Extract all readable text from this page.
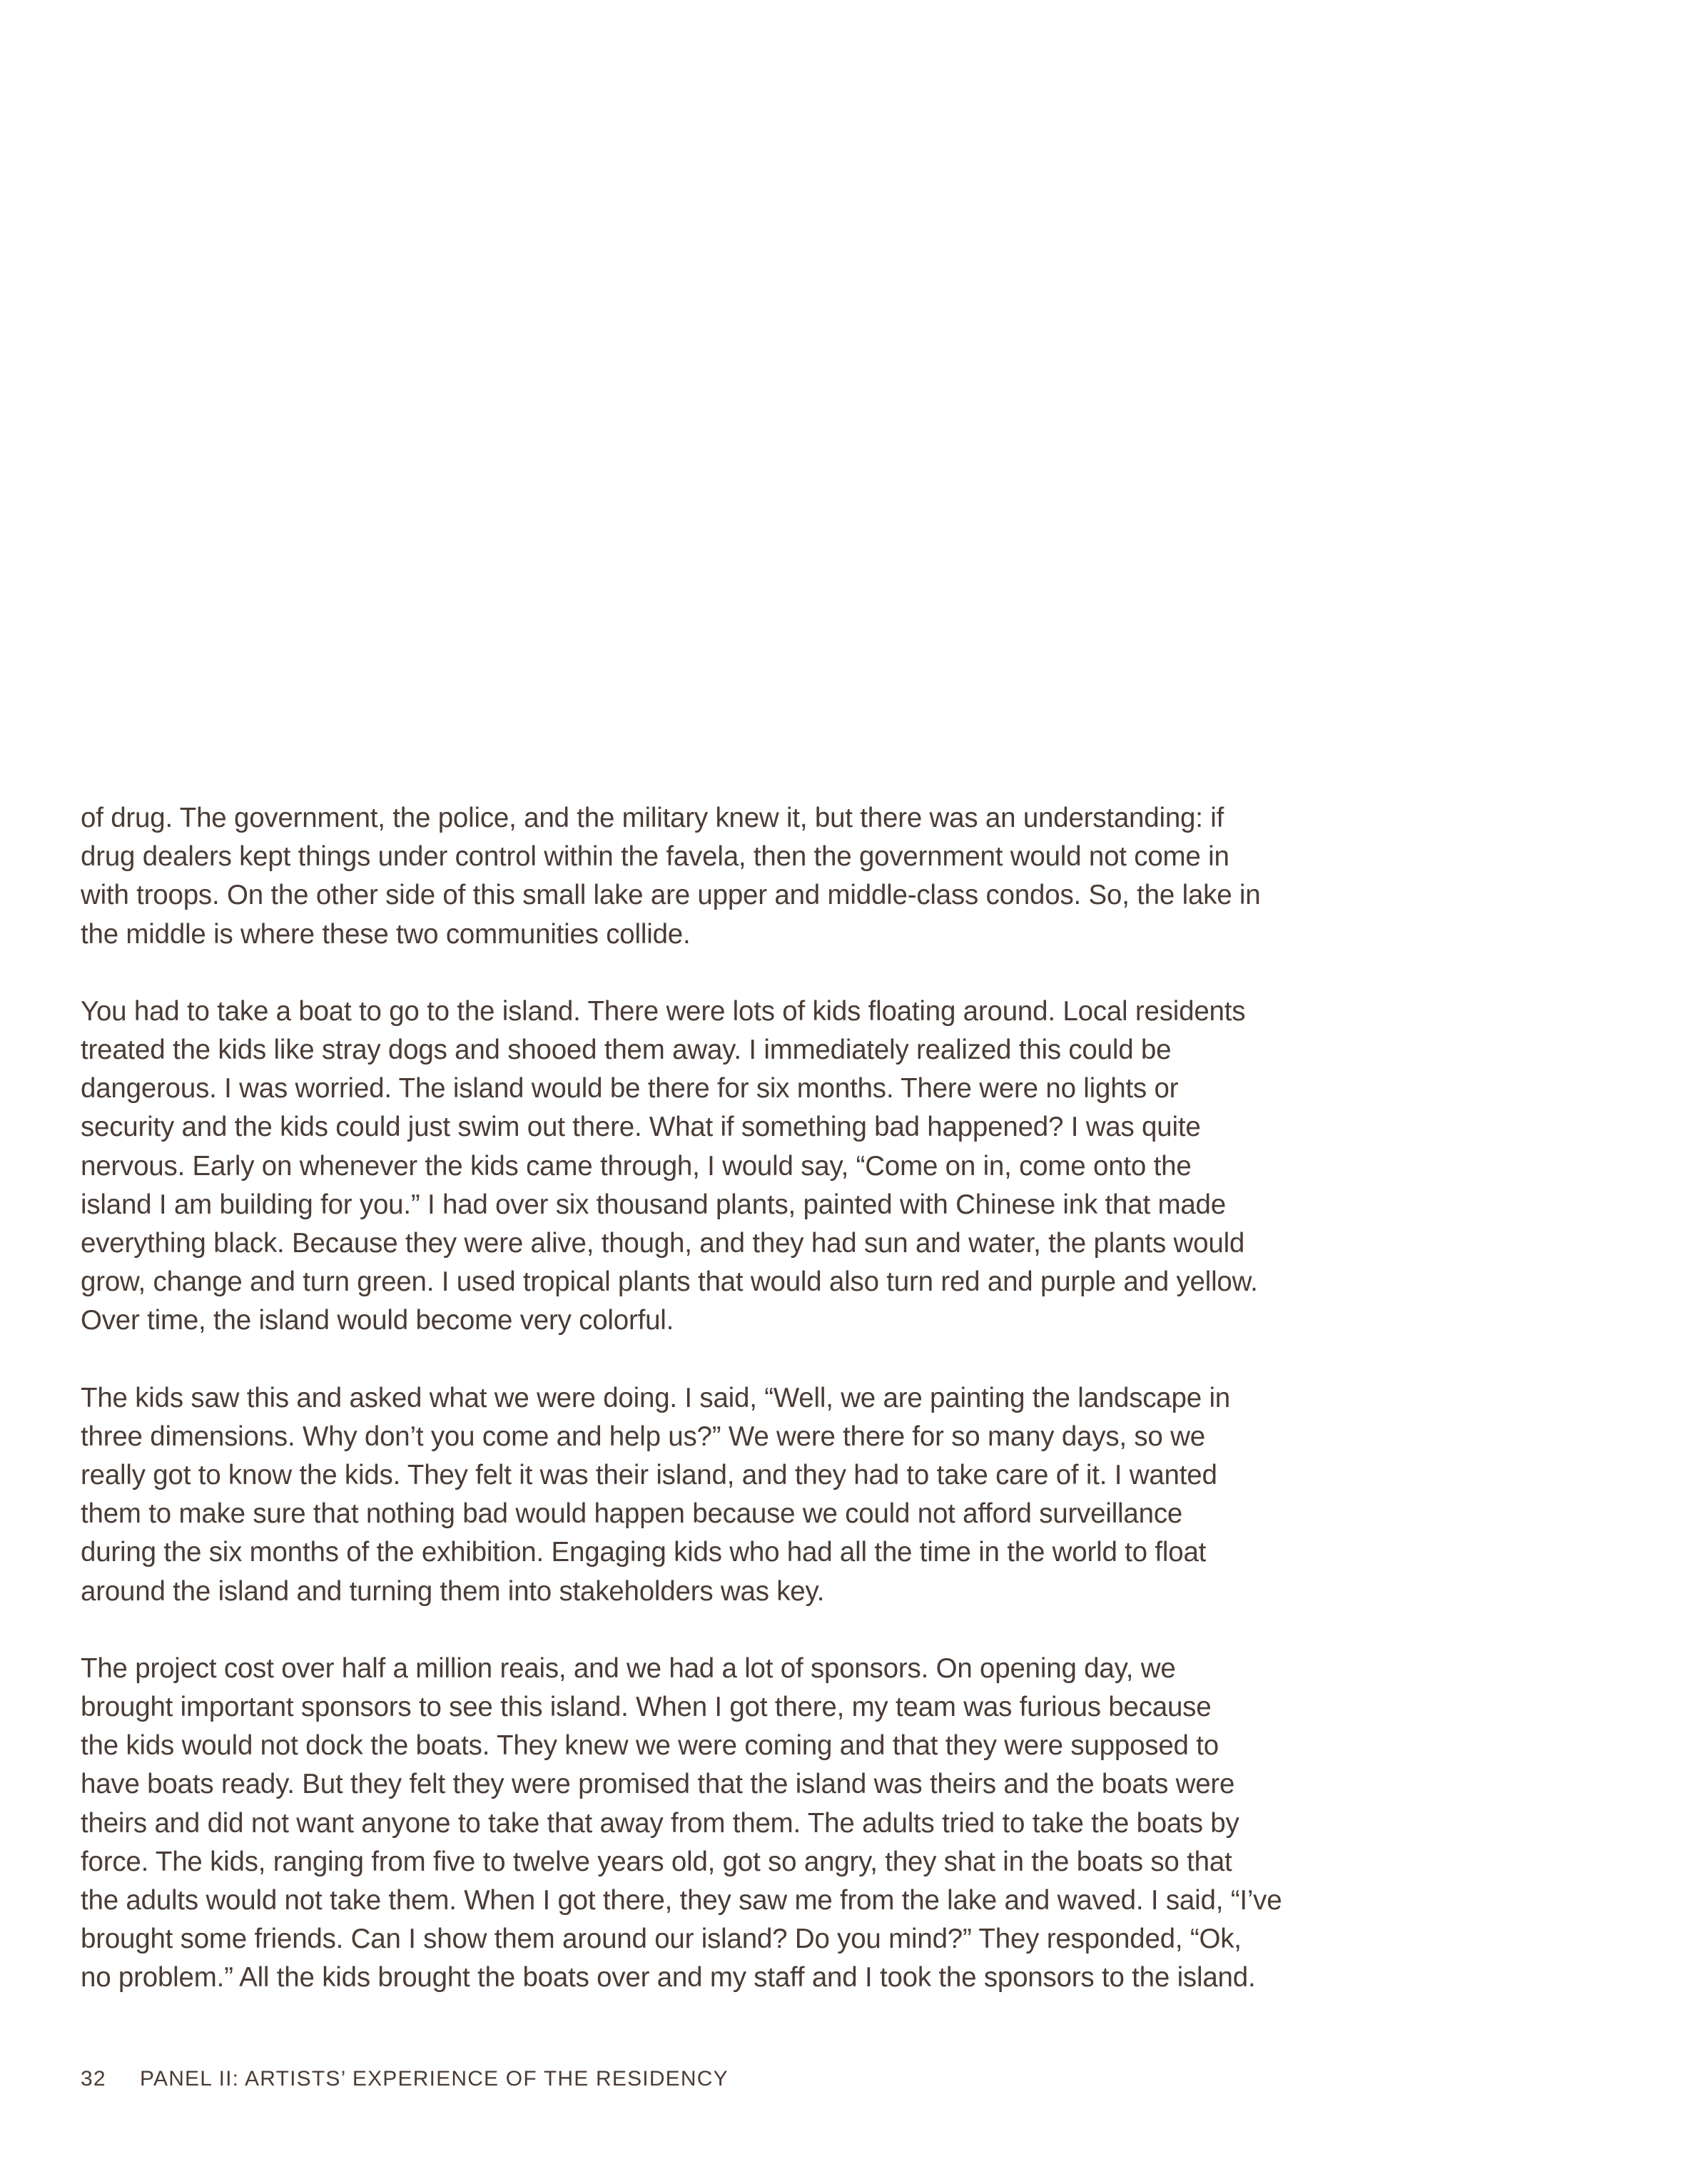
of drug. The government, the police, and the military knew it, but there was an understanding: if
drug dealers kept things under control within the favela, then the government would not come in
with troops. On the other side of this small lake are upper and middle-class condos. So, the lake in
the middle is where these two communities collide.

You had to take a boat to go to the island. There were lots of kids floating around. Local residents
treated the kids like stray dogs and shooed them away. I immediately realized this could be
dangerous. I was worried. The island would be there for six months. There were no lights or
security and the kids could just swim out there. What if something bad happened? I was quite
nervous. Early on whenever the kids came through, I would say, “Come on in, come onto the
island I am building for you.” I had over six thousand plants, painted with Chinese ink that made
everything black. Because they were alive, though, and they had sun and water, the plants would
grow, change and turn green. I used tropical plants that would also turn red and purple and yellow.
Over time, the island would become very colorful.

The kids saw this and asked what we were doing. I said, “Well, we are painting the landscape in
three dimensions. Why don’t you come and help us?” We were there for so many days, so we
really got to know the kids. They felt it was their island, and they had to take care of it. I wanted
them to make sure that nothing bad would happen because we could not afford surveillance
during the six months of the exhibition. Engaging kids who had all the time in the world to float
around the island and turning them into stakeholders was key.

The project cost over half a million reais, and we had a lot of sponsors. On opening day, we
brought important sponsors to see this island. When I got there, my team was furious because
the kids would not dock the boats. They knew we were coming and that they were supposed to
have boats ready. But they felt they were promised that the island was theirs and the boats were
theirs and did not want anyone to take that away from them. The adults tried to take the boats by
force. The kids, ranging from five to twelve years old, got so angry, they shat in the boats so that
the adults would not take them. When I got there, they saw me from the lake and waved. I said, “I’ve
brought some friends. Can I show them around our island? Do you mind?” They responded, “Ok,
no problem.” All the kids brought the boats over and my staff and I took the sponsors to the island.

32 PANEL II: ARTISTS’ EXPERIENCE OF THE RESIDENCY
